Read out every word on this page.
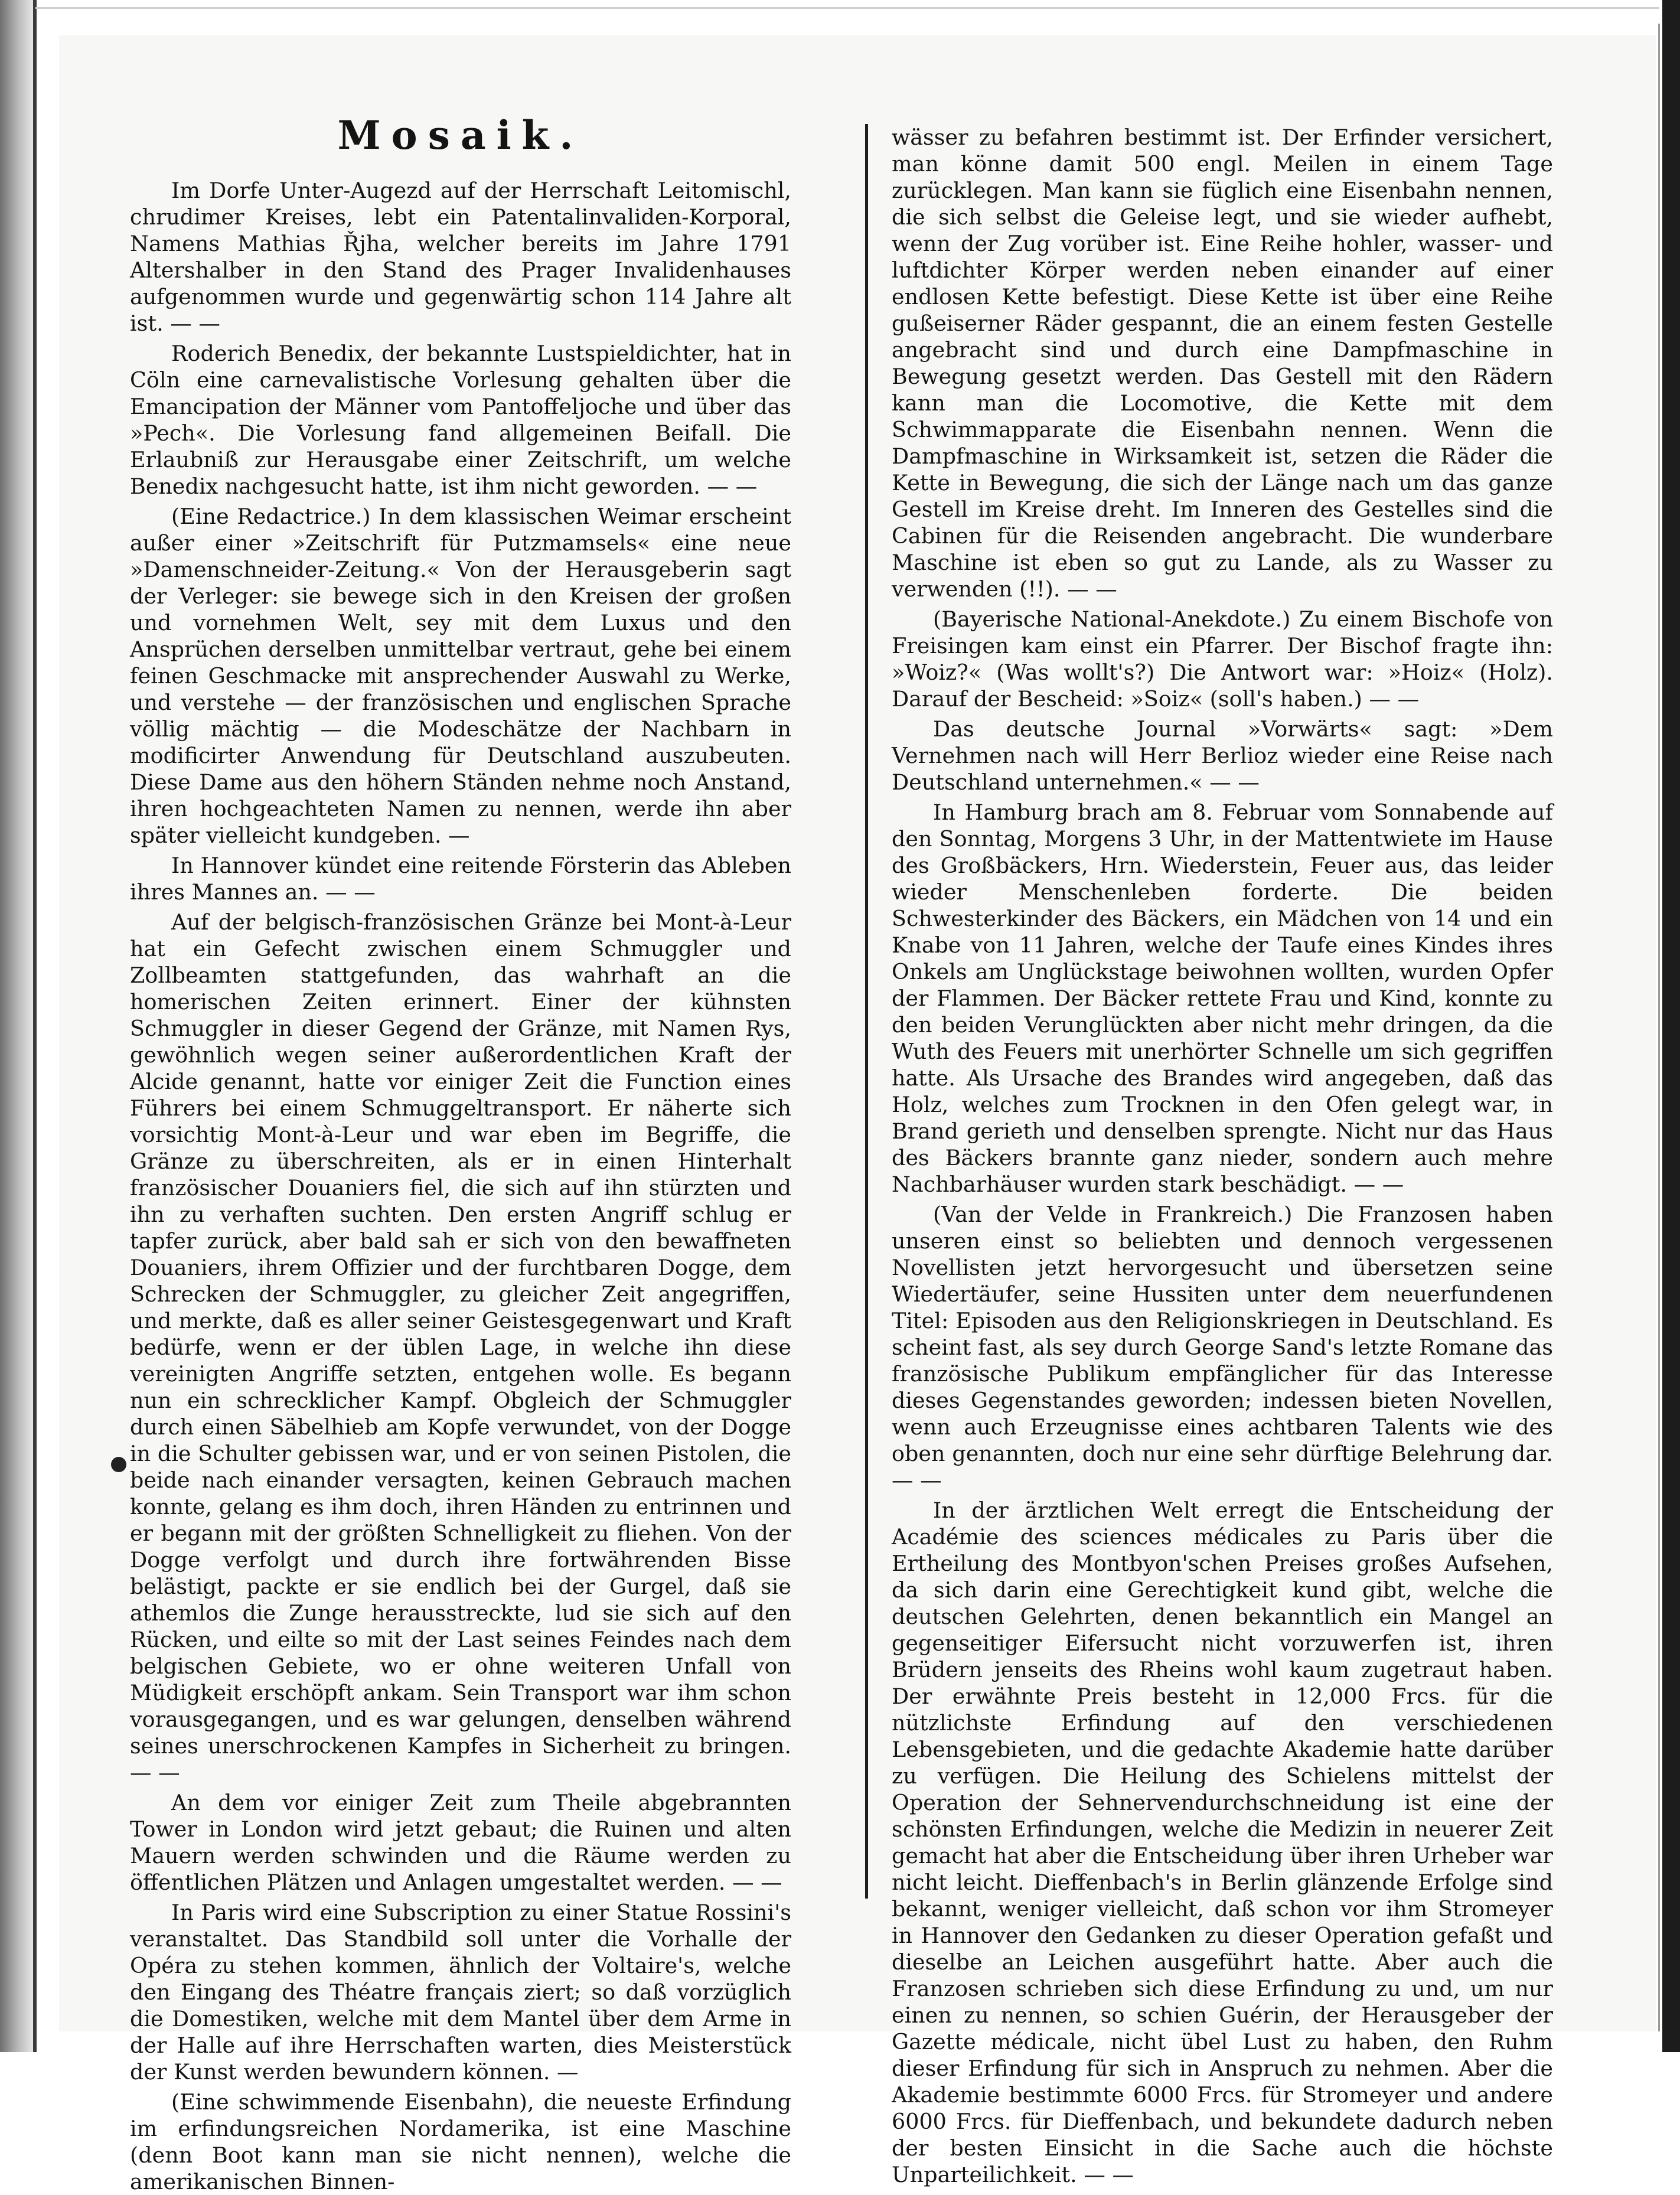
Mosaik.

Im Dorfe Unter-Augezd auf der Herrschaft Leitomischl, chrudimer Kreises, lebt ein Patentalinvaliden-Korporal, Namens Mathias Řjha, welcher bereits im Jahre 1791 Altershalber in den Stand des Prager Invalidenhauses aufgenommen wurde und gegenwärtig schon 114 Jahre alt ist. — —

Roderich Benedix, der bekannte Lustspieldichter, hat in Cöln eine carnevalistische Vorlesung gehalten über die Emancipation der Männer vom Pantoffeljoche und über das »Pech«. Die Vorlesung fand allgemeinen Beifall. Die Erlaubniß zur Herausgabe einer Zeitschrift, um welche Benedix nachgesucht hatte, ist ihm nicht geworden. — —

(Eine Redactrice.) In dem klassischen Weimar erscheint außer einer »Zeitschrift für Putzmamsels« eine neue »Damenschneider-Zeitung.« Von der Herausgeberin sagt der Verleger: sie bewege sich in den Kreisen der großen und vornehmen Welt, sey mit dem Luxus und den Ansprüchen derselben unmittelbar vertraut, gehe bei einem feinen Geschmacke mit ansprechender Auswahl zu Werke, und verstehe — der französischen und englischen Sprache völlig mächtig — die Modeschätze der Nachbarn in modificirter Anwendung für Deutschland auszubeuten. Diese Dame aus den höhern Ständen nehme noch Anstand, ihren hochgeachteten Namen zu nennen, werde ihn aber später vielleicht kundgeben. —

In Hannover kündet eine reitende Försterin das Ableben ihres Mannes an. — —

Auf der belgisch-französischen Gränze bei Mont-à-Leur hat ein Gefecht zwischen einem Schmuggler und Zollbeamten stattgefunden, das wahrhaft an die homerischen Zeiten erinnert. Einer der kühnsten Schmuggler in dieser Gegend der Gränze, mit Namen Rys, gewöhnlich wegen seiner außerordentlichen Kraft der Alcide genannt, hatte vor einiger Zeit die Function eines Führers bei einem Schmuggeltransport. Er näherte sich vorsichtig Mont-à-Leur und war eben im Begriffe, die Gränze zu überschreiten, als er in einen Hinterhalt französischer Douaniers fiel, die sich auf ihn stürzten und ihn zu verhaften suchten. Den ersten Angriff schlug er tapfer zurück, aber bald sah er sich von den bewaffneten Douaniers, ihrem Offizier und der furchtbaren Dogge, dem Schrecken der Schmuggler, zu gleicher Zeit angegriffen, und merkte, daß es aller seiner Geistesgegenwart und Kraft bedürfe, wenn er der üblen Lage, in welche ihn diese vereinigten Angriffe setzten, entgehen wolle. Es begann nun ein schrecklicher Kampf. Obgleich der Schmuggler durch einen Säbelhieb am Kopfe verwundet, von der Dogge in die Schulter gebissen war, und er von seinen Pistolen, die beide nach einander versagten, keinen Gebrauch machen konnte, gelang es ihm doch, ihren Händen zu entrinnen und er begann mit der größten Schnelligkeit zu fliehen. Von der Dogge verfolgt und durch ihre fortwährenden Bisse belästigt, packte er sie endlich bei der Gurgel, daß sie athemlos die Zunge herausstreckte, lud sie sich auf den Rücken, und eilte so mit der Last seines Feindes nach dem belgischen Gebiete, wo er ohne weiteren Unfall von Müdigkeit erschöpft ankam. Sein Transport war ihm schon vorausgegangen, und es war gelungen, denselben während seines unerschrockenen Kampfes in Sicherheit zu bringen. — —

An dem vor einiger Zeit zum Theile abgebrannten Tower in London wird jetzt gebaut; die Ruinen und alten Mauern werden schwinden und die Räume werden zu öffentlichen Plätzen und Anlagen umgestaltet werden. — —

In Paris wird eine Subscription zu einer Statue Rossini's veranstaltet. Das Standbild soll unter die Vorhalle der Opéra zu stehen kommen, ähnlich der Voltaire's, welche den Eingang des Théatre français ziert; so daß vorzüglich die Domestiken, welche mit dem Mantel über dem Arme in der Halle auf ihre Herrschaften warten, dies Meisterstück der Kunst werden bewundern können. —

(Eine schwimmende Eisenbahn), die neueste Erfindung im erfindungsreichen Nordamerika, ist eine Maschine (denn Boot kann man sie nicht nennen), welche die amerikanischen Binnen-

wässer zu befahren bestimmt ist. Der Erfinder versichert, man könne damit 500 engl. Meilen in einem Tage zurücklegen. Man kann sie füglich eine Eisenbahn nennen, die sich selbst die Geleise legt, und sie wieder aufhebt, wenn der Zug vorüber ist. Eine Reihe hohler, wasser- und luftdichter Körper werden neben einander auf einer endlosen Kette befestigt. Diese Kette ist über eine Reihe gußeiserner Räder gespannt, die an einem festen Gestelle angebracht sind und durch eine Dampfmaschine in Bewegung gesetzt werden. Das Gestell mit den Rädern kann man die Locomotive, die Kette mit dem Schwimmapparate die Eisenbahn nennen. Wenn die Dampfmaschine in Wirksamkeit ist, setzen die Räder die Kette in Bewegung, die sich der Länge nach um das ganze Gestell im Kreise dreht. Im Inneren des Gestelles sind die Cabinen für die Reisenden angebracht. Die wunderbare Maschine ist eben so gut zu Lande, als zu Wasser zu verwenden (!!). — —

(Bayerische National-Anekdote.) Zu einem Bischofe von Freisingen kam einst ein Pfarrer. Der Bischof fragte ihn: »Woiz?« (Was wollt's?) Die Antwort war: »Hoiz« (Holz). Darauf der Bescheid: »Soiz« (soll's haben.) — —

Das deutsche Journal »Vorwärts« sagt: »Dem Vernehmen nach will Herr Berlioz wieder eine Reise nach Deutschland unternehmen.« — —

In Hamburg brach am 8. Februar vom Sonnabende auf den Sonntag, Morgens 3 Uhr, in der Mattentwiete im Hause des Großbäckers, Hrn. Wiederstein, Feuer aus, das leider wieder Menschenleben forderte. Die beiden Schwesterkinder des Bäckers, ein Mädchen von 14 und ein Knabe von 11 Jahren, welche der Taufe eines Kindes ihres Onkels am Unglückstage beiwohnen wollten, wurden Opfer der Flammen. Der Bäcker rettete Frau und Kind, konnte zu den beiden Verunglückten aber nicht mehr dringen, da die Wuth des Feuers mit unerhörter Schnelle um sich gegriffen hatte. Als Ursache des Brandes wird angegeben, daß das Holz, welches zum Trocknen in den Ofen gelegt war, in Brand gerieth und denselben sprengte. Nicht nur das Haus des Bäckers brannte ganz nieder, sondern auch mehre Nachbarhäuser wurden stark beschädigt. — —

(Van der Velde in Frankreich.) Die Franzosen haben unseren einst so beliebten und dennoch vergessenen Novellisten jetzt hervorgesucht und übersetzen seine Wiedertäufer, seine Hussiten unter dem neuerfundenen Titel: Episoden aus den Religionskriegen in Deutschland. Es scheint fast, als sey durch George Sand's letzte Romane das französische Publikum empfänglicher für das Interesse dieses Gegenstandes geworden; indessen bieten Novellen, wenn auch Erzeugnisse eines achtbaren Talents wie des oben genannten, doch nur eine sehr dürftige Belehrung dar. — —

In der ärztlichen Welt erregt die Entscheidung der Académie des sciences médicales zu Paris über die Ertheilung des Montbyon'schen Preises großes Aufsehen, da sich darin eine Gerechtigkeit kund gibt, welche die deutschen Gelehrten, denen bekanntlich ein Mangel an gegenseitiger Eifersucht nicht vorzuwerfen ist, ihren Brüdern jenseits des Rheins wohl kaum zugetraut haben. Der erwähnte Preis besteht in 12,000 Frcs. für die nützlichste Erfindung auf den verschiedenen Lebensgebieten, und die gedachte Akademie hatte darüber zu verfügen. Die Heilung des Schielens mittelst der Operation der Sehnervendurchschneidung ist eine der schönsten Erfindungen, welche die Medizin in neuerer Zeit gemacht hat aber die Entscheidung über ihren Urheber war nicht leicht. Dieffenbach's in Berlin glänzende Erfolge sind bekannt, weniger vielleicht, daß schon vor ihm Stromeyer in Hannover den Gedanken zu dieser Operation gefaßt und dieselbe an Leichen ausgeführt hatte. Aber auch die Franzosen schrieben sich diese Erfindung zu und, um nur einen zu nennen, so schien Guérin, der Herausgeber der Gazette médicale, nicht übel Lust zu haben, den Ruhm dieser Erfindung für sich in Anspruch zu nehmen. Aber die Akademie bestimmte 6000 Frcs. für Stromeyer und andere 6000 Frcs. für Dieffenbach, und bekundete dadurch neben der besten Einsicht in die Sache auch die höchste Unparteilichkeit. — —
